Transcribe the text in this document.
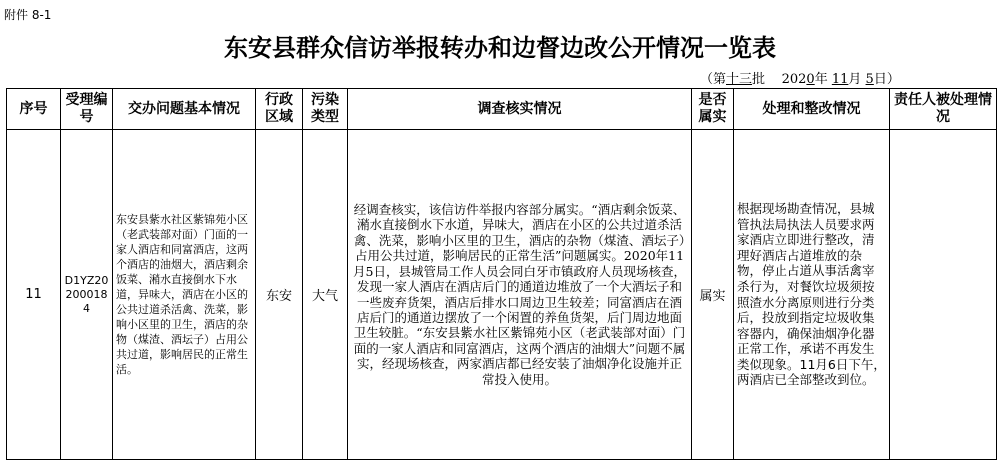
附件 8-1
东安县群众信访举报转办和边督边改公开情况一览表
（第十三批 2020年 11月 5日）
序号	受理编号	交办问题基本情况	行政区域	污染类型	调查核实情况	是否属实	处理和整改情况	责任人被处理情况
11	D1YZ20200018 4	东安县紫水社区紫锦苑小区（老武装部对面）门面的一家人酒店和同富酒店，这两个酒店的油烟大，酒店剩余饭菜、潲水直接倒水下水道，异味大，酒店在小区的公共过道杀活禽、洗菜，影响小区里的卫生，酒店的杂物（煤渣、酒坛子）占用公共过道，影响居民的正常生活。	东安	大气	经调查核实，该信访件举报内容部分属实。“酒店剩余饭菜、潲水直接倒水下水道，异味大，酒店在小区的公共过道杀活禽、洗菜，影响小区里的卫生，酒店的杂物（煤渣、酒坛子）占用公共过道，影响居民的正常生活”问题属实。2020年11月5日，县城管局工作人员会同白牙市镇政府人员现场核查，发现一家人酒店在酒店后门的通道边堆放了一个大酒坛子和一些废弃货架，酒店后排水口周边卫生较差；同富酒店在酒店后门的通道边摆放了一个闲置的养鱼货架，后门周边地面卫生较脏。“东安县紫水社区紫锦苑小区（老武装部对面）门面的一家人酒店和同富酒店，这两个酒店的油烟大”问题不属实，经现场核查，两家酒店都已经安装了油烟净化设施并正常投入使用。	属实	根据现场勘查情况，县城管执法局执法人员要求两家酒店立即进行整改，清理好酒店占道堆放的杂物，停止占道从事活禽宰杀行为，对餐饮垃圾须按照渣水分离原则进行分类后，投放到指定垃圾收集容器内，确保油烟净化器正常工作，承诺不再发生类似现象。11月6日下午，两酒店已全部整改到位。	
